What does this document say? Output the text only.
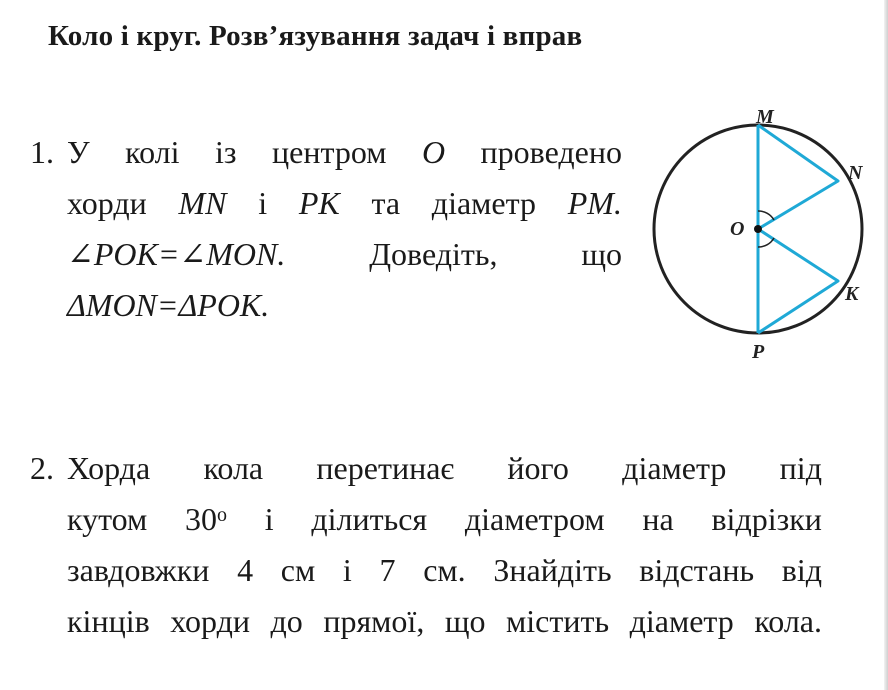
Коло і круг. Розв’язування задач і вправ
1. У колі із центром O проведено
хорди MN і PK та діаметр PM.
∠POK=∠MON.	Доведіть,	що
ΔMON=ΔPOK.
M
N
O
K
P
2. Хорда кола перетинає його діаметр під
кутом 30$^o$ і ділиться діаметром на відрізки
завдовжки 4 см і 7 см. Знайдіть відстань від
кінців хорди до прямої, що містить діаметр кола.
